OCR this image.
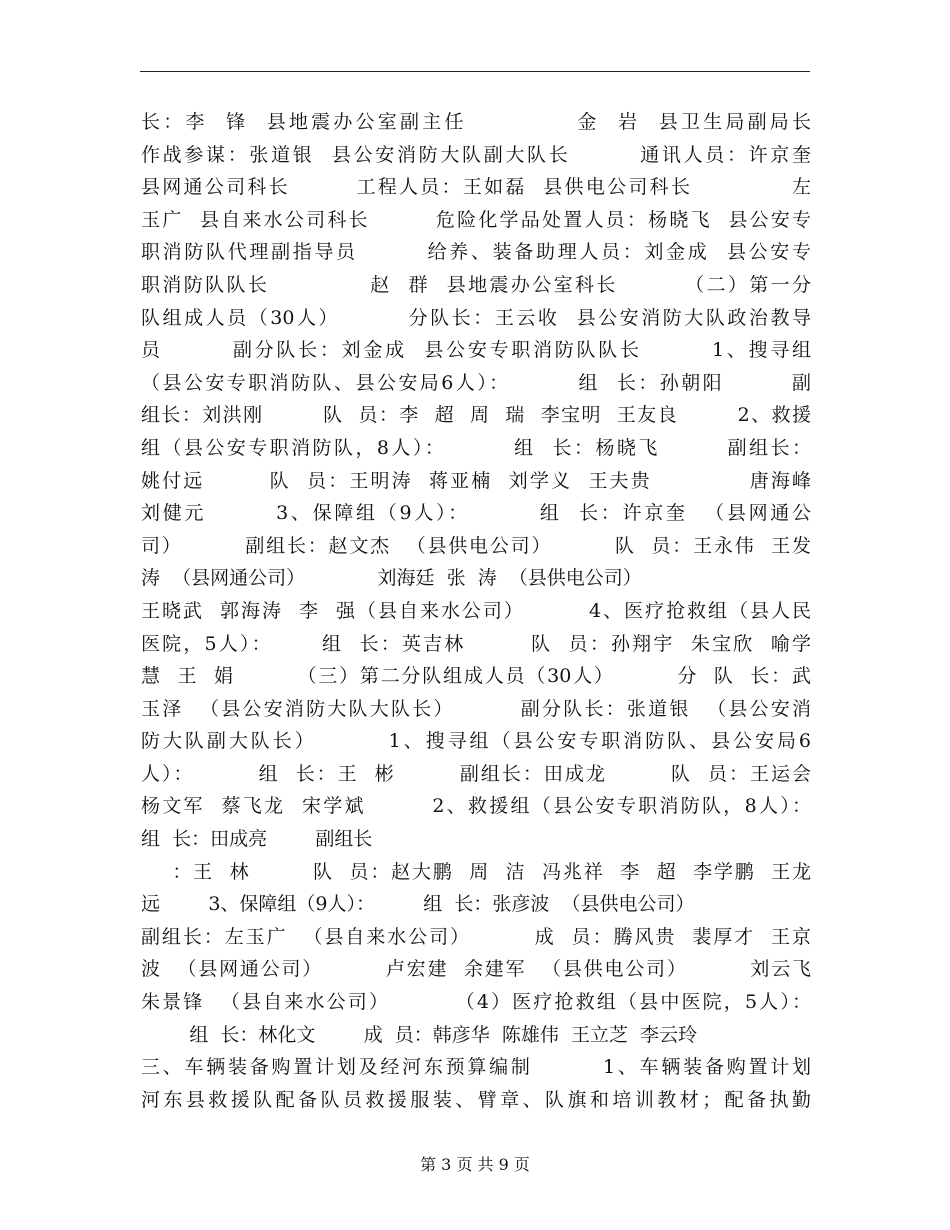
长：李  锋  县地震办公室副主任            金  岩  县卫生局副局长
作战参谋：张道银  县公安消防大队副大队长        通讯人员：许京奎
县网通公司科长        工程人员：王如磊  县供电公司科长            左
玉广  县自来水公司科长        危险化学品处置人员：杨晓飞  县公安专
职消防队代理副指导员        给养、装备助理人员：刘金成  县公安专
职消防队队长            赵  群  县地震办公室科长        （二）第一分
队组成人员（30人）        分队长：王云收  县公安消防大队政治教导
员        副分队长：刘金成  县公安专职消防队队长        1、搜寻组
（县公安专职消防队、县公安局6人）：        组  长：孙朝阳        副
组长：刘洪刚        队  员：李  超  周  瑞  李宝明  王友良        2、救援
组（县公安专职消防队，8人）：        组  长：杨晓飞        副组长：
姚付远        队  员：王明涛  蒋亚楠  刘学义  王夫贵            唐海峰
刘健元        3、保障组（9人）：        组  长：许京奎  （县网通公
司）        副组长：赵文杰  （县供电公司）        队  员：王永伟  王发
涛  （县网通公司）            刘海廷  张  涛  （县供电公司）
王晓武  郭海涛  李  强（县自来水公司）        4、医疗抢救组（县人民
医院，5人）：      组  长：英吉林        队  员：孙翔宇  朱宝欣  喻学
慧  王  娟        （三）第二分队组成人员（30人）        分  队  长：武
玉泽  （县公安消防大队大队长）        副分队长：张道银  （县公安消
防大队副大队长）        1、搜寻组（县公安专职消防队、县公安局6
人）：        组  长：王  彬        副组长：田成龙        队  员：王运会
杨文军  蔡飞龙  宋学斌        2、救援组（县公安专职消防队，8人）：
组  长：田成亮        副组长
：王  林        队  员：赵大鹏  周  洁  冯兆祥  李  超  李学鹏  王龙
远        3、保障组（9人）：        组  长：张彦波  （县供电公司）
副组长：左玉广  （县自来水公司）        成  员：腾风贵  裴厚才  王京
波  （县网通公司）        卢宏建  余建军  （县供电公司）        刘云飞
朱景锋  （县自来水公司）        （4）医疗抢救组（县中医院，5人）：
组  长：林化文        成  员：韩彦华  陈雄伟  王立芝  李云玲
三、车辆装备购置计划及经河东预算编制        1、车辆装备购置计划
河东县救援队配备队员救援服装、臂章、队旗和培训教材；配备执勤
第 3 页 共 9 页
